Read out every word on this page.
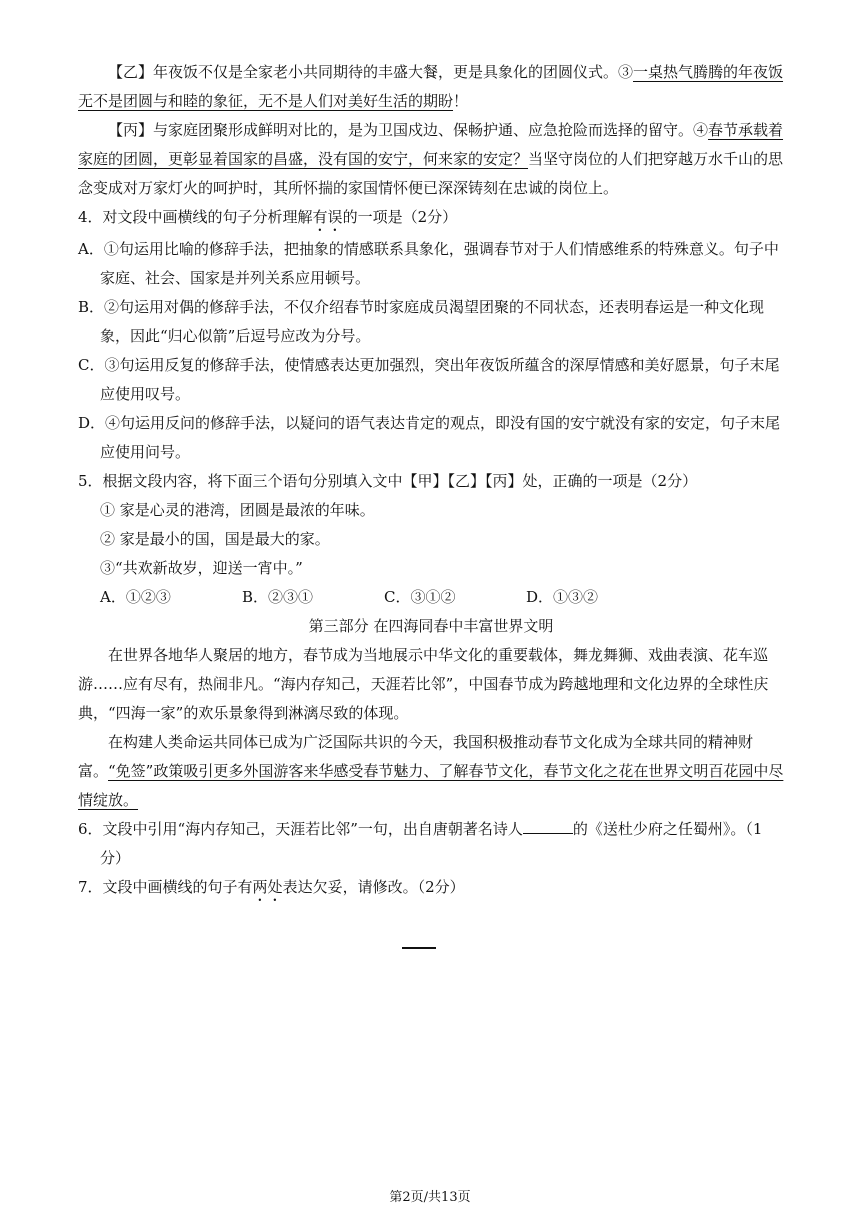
【乙】年夜饭不仅是全家老小共同期待的丰盛大餐，更是具象化的团圆仪式。③一桌热气腾腾的年夜饭无不是团圆与和睦的象征，无不是人们对美好生活的期盼！

【丙】与家庭团聚形成鲜明对比的，是为卫国戍边、保畅护通、应急抢险而选择的留守。④春节承载着家庭的团圆，更彰显着国家的昌盛，没有国的安宁，何来家的安定？当坚守岗位的人们把穿越万水千山的思念变成对万家灯火的呵护时，其所怀揣的家国情怀便已深深铸刻在忠诚的岗位上。

4．对文段中画横线的句子分析理解有误的一项是（2分）

A．①句运用比喻的修辞手法，把抽象的情感联系具象化，强调春节对于人们情感维系的特殊意义。句子中家庭、社会、国家是并列关系应用顿号。

B．②句运用对偶的修辞手法，不仅介绍春节时家庭成员渴望团聚的不同状态，还表明春运是一种文化现象，因此“归心似箭”后逗号应改为分号。

C．③句运用反复的修辞手法，使情感表达更加强烈，突出年夜饭所蕴含的深厚情感和美好愿景，句子末尾应使用叹号。

D．④句运用反问的修辞手法，以疑问的语气表达肯定的观点，即没有国的安宁就没有家的安定，句子末尾应使用问号。

5．根据文段内容，将下面三个语句分别填入文中【甲】【乙】【丙】处，正确的一项是（2分）

① 家是心灵的港湾，团圆是最浓的年味。

② 家是最小的国，国是最大的家。

③“共欢新故岁，迎送一宵中。”

A．①②③	B．②③①	C．③①②	D．①③②

第三部分 在四海同春中丰富世界文明

在世界各地华人聚居的地方，春节成为当地展示中华文化的重要载体，舞龙舞狮、戏曲表演、花车巡游……应有尽有，热闹非凡。“海内存知己，天涯若比邻”，中国春节成为跨越地理和文化边界的全球性庆典，“四海一家”的欢乐景象得到淋漓尽致的体现。

在构建人类命运共同体已成为广泛国际共识的今天，我国积极推动春节文化成为全球共同的精神财富。“免签”政策吸引更多外国游客来华感受春节魅力、了解春节文化，春节文化之花在世界文明百花园中尽情绽放。

6．文段中引用“海内存知己，天涯若比邻”一句，出自唐朝著名诗人	的《送杜少府之任蜀州》。（1分）

7．文段中画横线的句子有两处表达欠妥，请修改。（2分）

第2页/共13页
